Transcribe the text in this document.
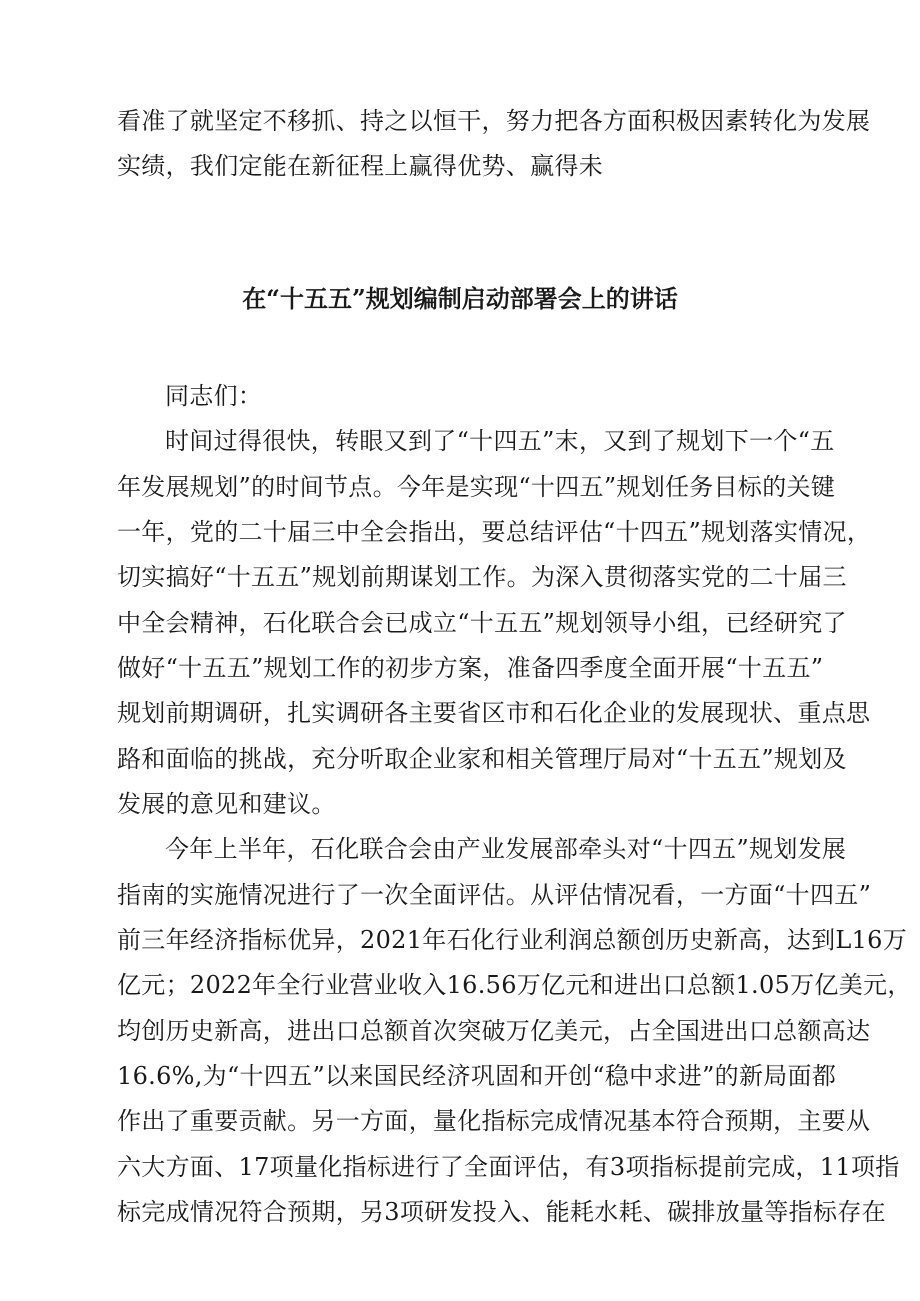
看准了就坚定不移抓、持之以恒干，努力把各方面积极因素转化为发展
实绩，我们定能在新征程上赢得优势、赢得未
在“十五五”规划编制启动部署会上的讲话
同志们：
时间过得很快，转眼又到了“十四五”末，又到了规划下一个“五
年发展规划”的时间节点。今年是实现“十四五”规划任务目标的关键
一年，党的二十届三中全会指出，要总结评估“十四五”规划落实情况，
切实搞好“十五五”规划前期谋划工作。为深入贯彻落实党的二十届三
中全会精神，石化联合会已成立“十五五”规划领导小组，已经研究了
做好“十五五”规划工作的初步方案，准备四季度全面开展“十五五”
规划前期调研，扎实调研各主要省区市和石化企业的发展现状、重点思
路和面临的挑战，充分听取企业家和相关管理厅局对“十五五”规划及
发展的意见和建议。
今年上半年，石化联合会由产业发展部牵头对“十四五”规划发展
指南的实施情况进行了一次全面评估。从评估情况看，一方面“十四五”
前三年经济指标优异，2021年石化行业利润总额创历史新高，达到L16万
亿元；2022年全行业营业收入16.56万亿元和进出口总额1.05万亿美元，
均创历史新高，进出口总额首次突破万亿美元，占全国进出口总额高达
16.6%,为“十四五”以来国民经济巩固和开创“稳中求进”的新局面都
作出了重要贡献。另一方面，量化指标完成情况基本符合预期，主要从
六大方面、17项量化指标进行了全面评估，有3项指标提前完成，11项指
标完成情况符合预期，另3项研发投入、能耗水耗、碳排放量等指标存在
